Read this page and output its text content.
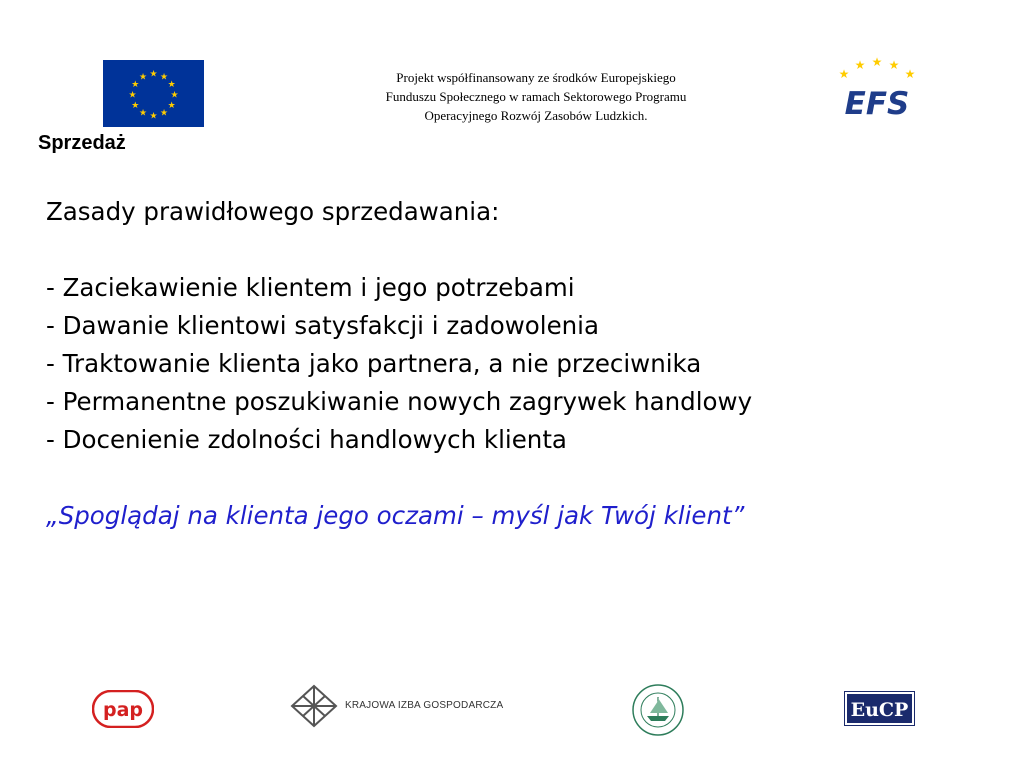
★ ★
★
★
★
★
★
★
★
★
★
★	Projekt współfinansowany ze środków Europejskiego
Funduszu Społecznego w ramach Sektorowego Programu
Operacyjnego Rozwój Zasobów Ludzkich.
★
★ ★ ★
★
EFS
Sprzedaż
Zasady prawidłowego sprzedawania:
- Zaciekawienie klientem i jego potrzebami
- Dawanie klientowi satysfakcji i zadowolenia
- Traktowanie klienta jako partnera, a nie przeciwnika
- Permanentne poszukiwanie nowych zagrywek handlowy
- Docenienie zdolności handlowych klienta
„Spoglądaj na klienta jego oczami – myśl jak Twój klient”
pap	KRAJOWA IZBA GOSPODARCZA	EuCP
